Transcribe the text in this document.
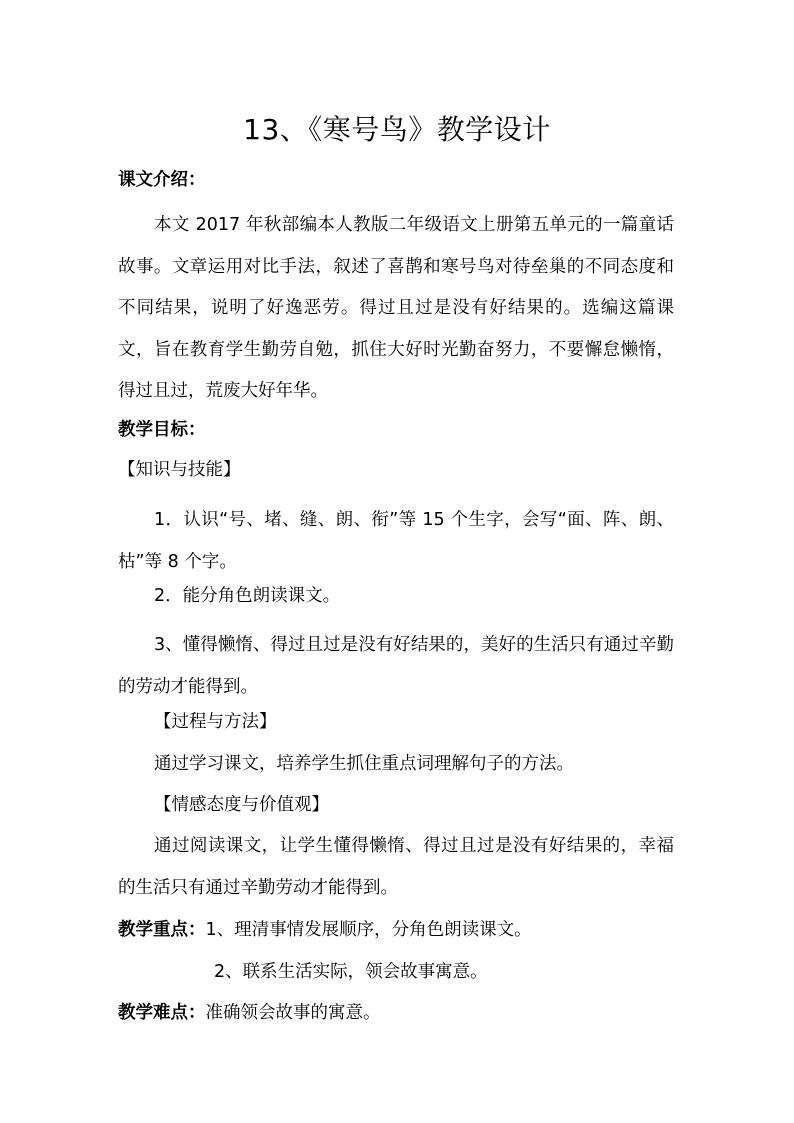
13、《寒号鸟》教学设计
课文介绍：
本文 2017 年秋部编本人教版二年级语文上册第五单元的一篇童话故事。文章运用对比手法，叙述了喜鹊和寒号鸟对待垒巢的不同态度和不同结果，说明了好逸恶劳。得过且过是没有好结果的。选编这篇课文，旨在教育学生勤劳自勉，抓住大好时光勤奋努力，不要懈怠懒惰，得过且过，荒废大好年华。
教学目标：
【知识与技能】
1．认识“号、堵、缝、朗、衔”等 15 个生字，会写“面、阵、朗、枯”等 8 个字。
2．能分角色朗读课文。
3、懂得懒惰、得过且过是没有好结果的，美好的生活只有通过辛勤的劳动才能得到。
【过程与方法】
通过学习课文，培养学生抓住重点词理解句子的方法。
【情感态度与价值观】
通过阅读课文，让学生懂得懒惰、得过且过是没有好结果的，幸福的生活只有通过辛勤劳动才能得到。
教学重点：1、理清事情发展顺序，分角色朗读课文。
2、联系生活实际，领会故事寓意。
教学难点：准确领会故事的寓意。
